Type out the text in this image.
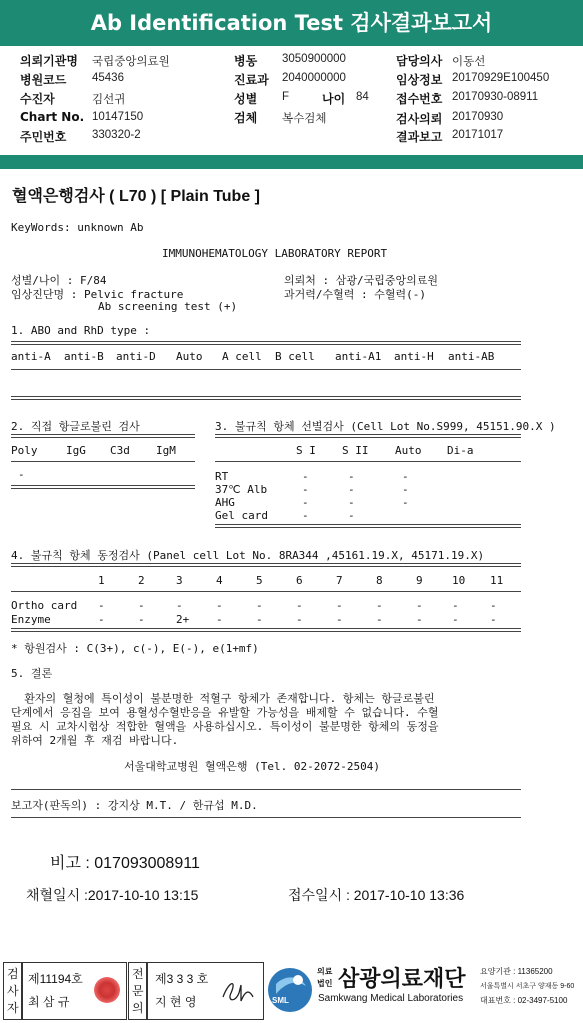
Ab Identification Test 검사결과보고서
의뢰기관명 국립중앙의료원
병원코드 45436
수진자	김선귀
Chart No. 10147150
주민번호 330320-2
병동 3050900000
진료과 2040000000
성별 F	나이 84
검체 복수검체
담당의사 이동선
임상정보 20170929E100450
접수번호 20170930-08911
검사의뢰 20170930
결과보고 20171017
혈액은행검사 ( L70 ) [ Plain Tube ]
KeyWords: unknown Ab
IMMUNOHEMATOLOGY LABORATORY REPORT
성별/나이 : F/84	의뢰처 : 삼광/국립중앙의료원
임상진단명 : Pelvic fracture	과거력/수혈력 : 수혈력(-)
Ab screening test (+)
1. ABO and RhD type :
anti-A anti-B anti-D Auto A cell B cell anti-A1 anti-H anti-AB
2. 직접 항글로불린 검사
Poly	IgG C3d IgM
-
3. 불규칙 항체 선별검사 (Cell Lot No.S999, 45151.90.X )
S I S II Auto Di-a
RT	-	-	-
37℃ Alb	-	-	-
AHG	-	-	-
Gel card	-	-
4. 불규칙 항체 동정검사 (Panel cell Lot No. 8RA344 ,45161.19.X, 45171.19.X)
1	2	3	4	5	6	7	8	9	10 11
Ortho card -	-	-	-	-	-	-	-	-	-	-
Enzyme	-	-	2+ -	-	-	-	-	-	-	-
* 항원검사 : C(3+), c(-), E(-), e(1+mf)
5. 결론
환자의 혈청에 특이성이 불분명한 적혈구 항체가 존재합니다. 항체는 항글로불린
단계에서 응집을 보여 용혈성수혈반응을 유발할 가능성을 배제할 수 없습니다. 수혈
필요 시 교차시험상 적합한 혈액을 사용하십시오. 특이성이 불분명한 항체의 동정을
위하여 2개월 후 재검 바랍니다.
서울대학교병원 혈액은행 (Tel. 02-2072-2504)
보고자(판독의) : 강지상 M.T. / 한규섭 M.D.
비고 : 017093008911
채혈일시 :2017-10-10 13:15	접수일시 : 2017-10-10 13:36
검
사
자
제11194호
최 삼 규
전
문
의
제3 3 3 호
지 현 영	SML
의료
법인 삼광의료재단
Samkwang Medical Laboratories
요양기관 : 11365200
서울특별시 서초구 양재동 9-60
대표번호 : 02-3497-5100
